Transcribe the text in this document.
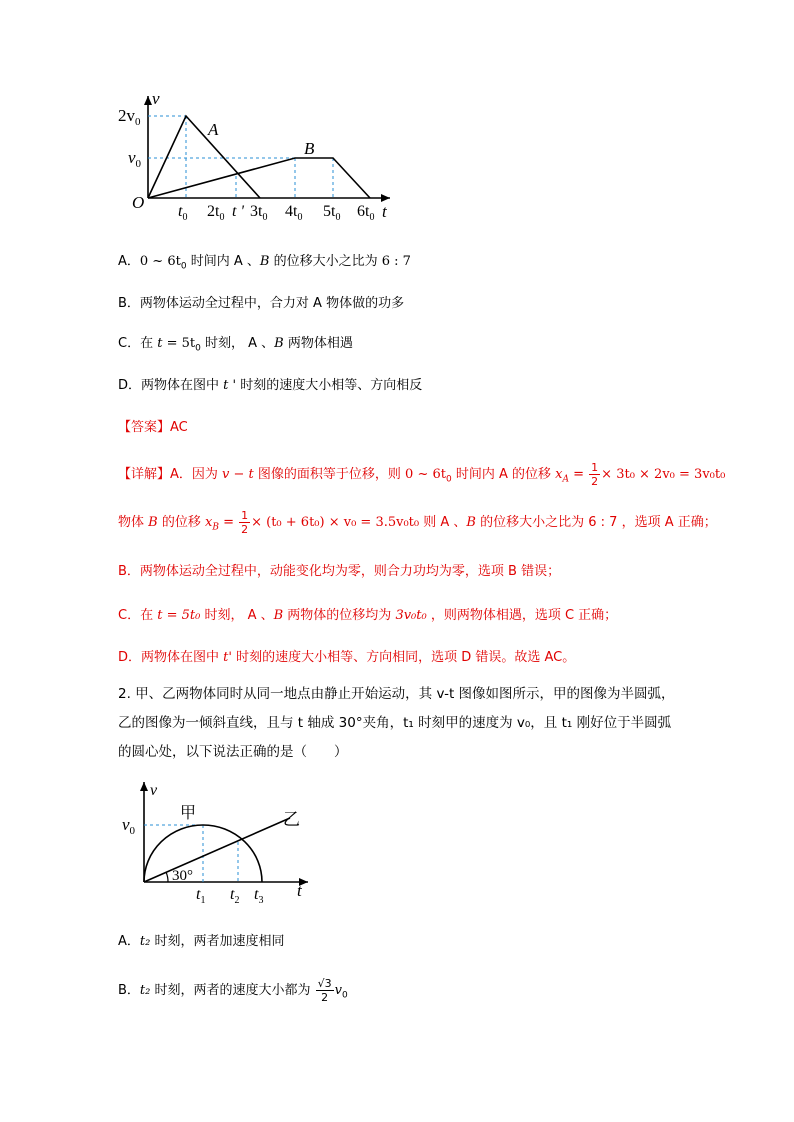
v
t
O
A
B
$2v_0$
$v_0$
$t_0$ $2t_0$ t ' $3t_0$ $4t_0$ $5t_0$ $6t_0$
A．0 ~ $6t_0$ 时间内 A 、B 的位移大小之比为 6 : 7
B．两物体运动全过程中，合力对 A 物体做的功多
C．在 $t = 5t_0$ 时刻， A 、B 两物体相遇
D．两物体在图中 t ' 时刻的速度大小相等、方向相反
【答案】AC
【详解】A．因为 v − t 图像的面积等于位移，则 0 ~ $6t_0$ 时间内 A 的位移 $x_A = \frac{1}{2} \times 3t_0 \times 2v_0 = 3v_0t_0$
物体 B 的位移 $x_B = \frac{1}{2} \times (t_0 + 6t_0) \times v_0 = 3.5v_0t_0$ 则 A 、B 的位移大小之比为 6 : 7 ，选项 A 正确；
B．两物体运动全过程中，动能变化均为零，则合力功均为零，选项 B 错误；
C．在 t = 5t₀ 时刻， A 、B 两物体的位移均为 3v₀t₀ ，则两物体相遇，选项 C 正确；
D．两物体在图中 t' 时刻的速度大小相等、方向相同，选项 D 错误。故选 AC。
2. 甲、乙两物体同时从同一地点由静止开始运动，其 v-t 图像如图所示，甲的图像为半圆弧，乙的图像为一倾斜直线，且与 t 轴成 30°夹角，t₁ 时刻甲的速度为 v₀，且 t₁ 刚好位于半圆弧的圆心处，以下说法正确的是（　　）
v
t
$v_0$
甲	乙
30°
$t_1$ $t_2$ $t_3$
A．t₂ 时刻，两者加速度相同
B．t₂ 时刻，两者的速度大小都为 $\frac{√3}{2} v_0$
